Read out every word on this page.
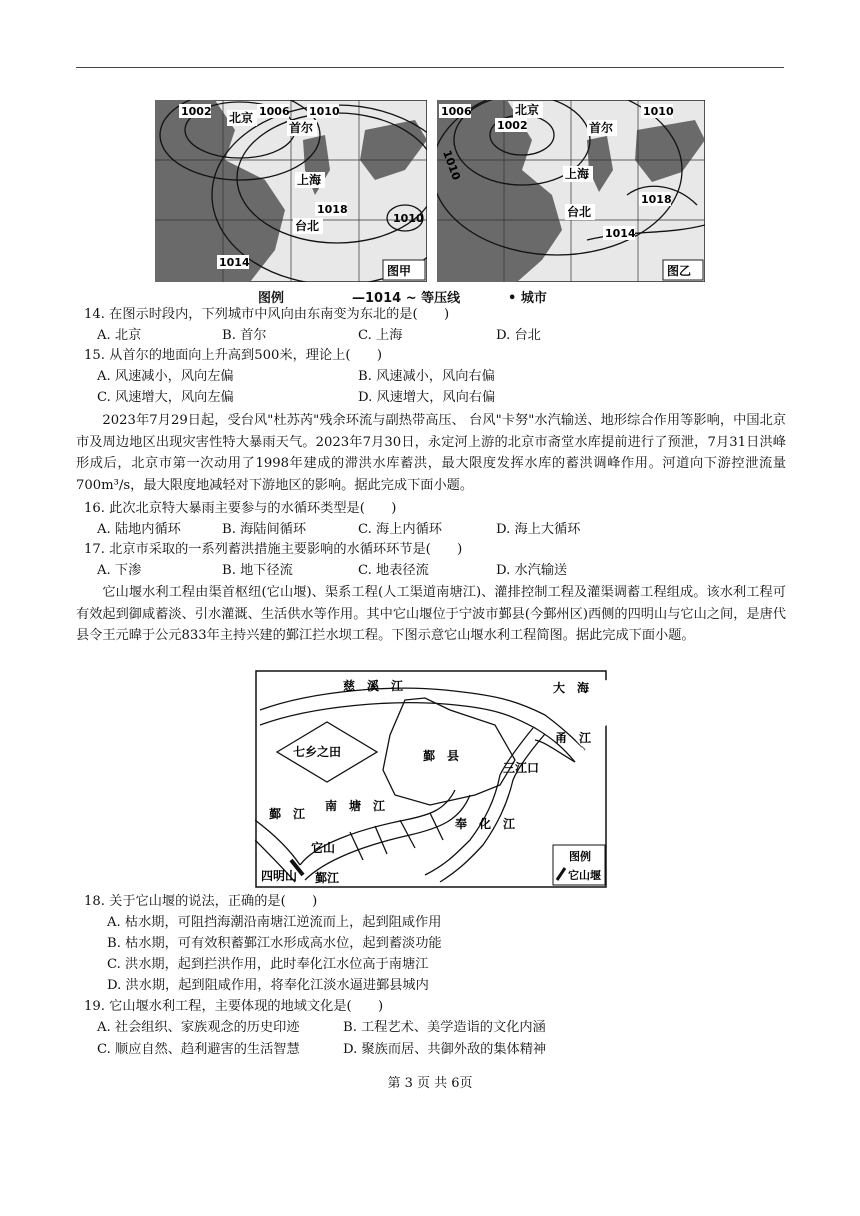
1002	1006 1010
1018
1010
1014
北京
首尔
上海
台北
图甲
1006
1002
1010
1010
1018
1014
北京
首尔
上海
台北
图乙
图例	—1014 ~ 等压线	• 城市
14. 在图示时段内，下列城市中风向由东南变为东北的是(　　)
A. 北京	B. 首尔	C. 上海	D. 台北
15. 从首尔的地面向上升高到500米，理论上(　　)
A. 风速减小，风向左偏	B. 风速减小，风向右偏
C. 风速增大，风向左偏	D. 风速增大，风向右偏
2023年7月29日起，受台风"杜苏芮"残余环流与副热带高压、 台风"卡努"水汽输送、地形综合作用等影响，中国北京市及周边地区出现灾害性特大暴雨天气。2023年7月30日，永定河上游的北京市斋堂水库提前进行了预泄，7月31日洪峰形成后，北京市第一次动用了1998年建成的滞洪水库蓄洪，最大限度发挥水库的蓄洪调峰作用。河道向下游控泄流量 700m³/s，最大限度地减轻对下游地区的影响。据此完成下面小题。
16. 此次北京特大暴雨主要参与的水循环类型是(　　)
A. 陆地内循环	B. 海陆间循环	C. 海上内循环	D. 海上大循环
17. 北京市采取的一系列蓄洪措施主要影响的水循环环节是(　　)
A. 下渗	B. 地下径流	C. 地表径流	D. 水汽输送
它山堰水利工程由渠首枢纽(它山堰)、渠系工程(人工渠道南塘江)、灌排控制工程及灌渠调蓄工程组成。该水利工程可有效起到御咸蓄淡、引水灌溉、生活供水等作用。其中它山堰位于宁波市鄞县(今鄞州区)西侧的四明山与它山之间，是唐代县令王元暐于公元833年主持兴建的鄞江拦水坝工程。下图示意它山堰水利工程简图。据此完成下面小题。
大　海
慈　溪　江
七乡之田	鄞　县
甬　江
三江口
奉　化　江
南　塘　江
鄞　江
它山
四明山 鄞江
图例
它山堰
18. 关于它山堰的说法，正确的是(　　)
A. 枯水期，可阻挡海潮沿南塘江逆流而上，起到阻咸作用
B. 枯水期，可有效积蓄鄞江水形成高水位，起到蓄淡功能
C. 洪水期，起到拦洪作用，此时奉化江水位高于南塘江
D. 洪水期，起到阻咸作用，将奉化江淡水逼进鄞县城内
19. 它山堰水利工程，主要体现的地域文化是(　　)
A. 社会组织、家族观念的历史印迹	B. 工程艺术、美学造诣的文化内涵
C. 顺应自然、趋利避害的生活智慧	D. 聚族而居、共御外敌的集体精神
第 3 页 共 6页
